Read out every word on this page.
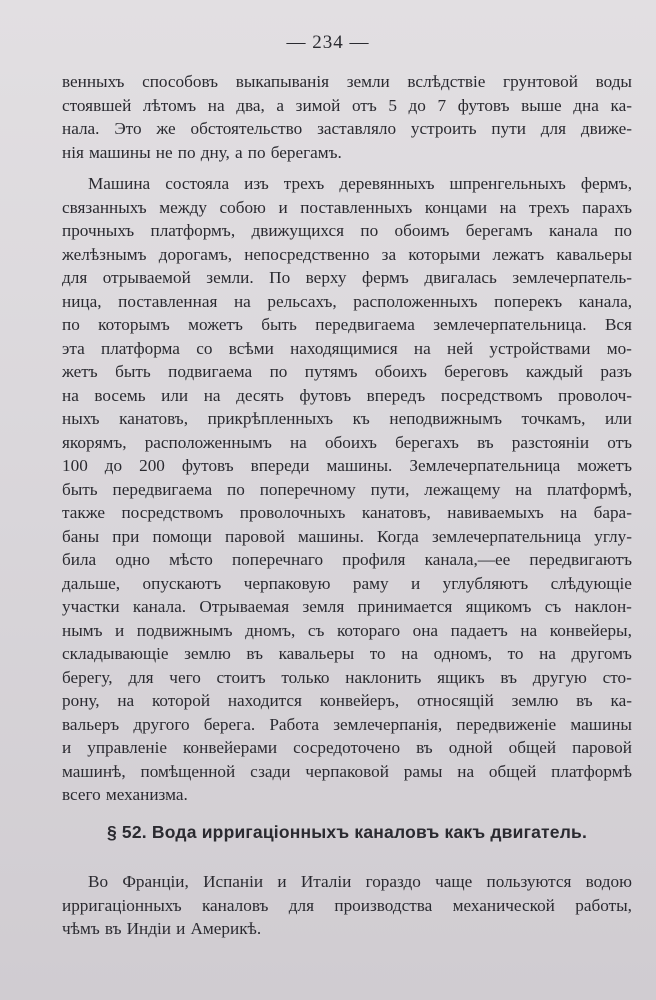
— 234 —
венныхъ способовъ выкапыванія земли вслѣдствіе грунтовой воды
стоявшей лѣтомъ на два, а зимой отъ 5 до 7 футовъ выше дна ка-
нала. Это же обстоятельство заставляло устроить пути для движе-
нія машины не по дну, а по берегамъ.
Машина состояла изъ трехъ деревянныхъ шпренгельныхъ фермъ,
связанныхъ между собою и поставленныхъ концами на трехъ парахъ
прочныхъ платформъ, движущихся по обоимъ берегамъ канала по
желѣзнымъ дорогамъ, непосредственно за которыми лежатъ кавальеры
для отрываемой земли. По верху фермъ двигалась землечерпатель-
ница, поставленная на рельсахъ, расположенныхъ поперекъ канала,
по которымъ можетъ быть передвигаема землечерпательница. Вся
эта платформа со всѣми находящимися на ней устройствами мо-
жетъ быть подвигаема по путямъ обоихъ береговъ каждый разъ
на восемь или на десять футовъ впередъ посредствомъ проволоч-
ныхъ канатовъ, прикрѣпленныхъ къ неподвижнымъ точкамъ, или
якорямъ, расположеннымъ на обоихъ берегахъ въ разстояніи отъ
100 до 200 футовъ впереди машины. Землечерпательница можетъ
быть передвигаема по поперечному пути, лежащему на платформѣ,
также посредствомъ проволочныхъ канатовъ, навиваемыхъ на бара-
баны при помощи паровой машины. Когда землечерпательница углу-
била одно мѣсто поперечнаго профиля канала,—ее передвигаютъ
дальше, опускаютъ черпаковую раму и углубляютъ слѣдующіе
участки канала. Отрываемая земля принимается ящикомъ съ наклон-
нымъ и подвижнымъ дномъ, съ котораго она падаетъ на конвейеры,
складывающіе землю въ кавальеры то на одномъ, то на другомъ
берегу, для чего стоитъ только наклонить ящикъ въ другую сто-
рону, на которой находится конвейеръ, относящій землю въ ка-
вальеръ другого берега. Работа землечерпанія, передвиженіе машины
и управленіе конвейерами сосредоточено въ одной общей паровой
машинѣ, помѣщенной сзади черпаковой рамы на общей платформѣ
всего механизма.
§ 52. Вода ирригаціонныхъ каналовъ какъ двигатель.
Во Франціи, Испаніи и Италіи гораздо чаще пользуются водою
ирригаціонныхъ каналовъ для производства механической работы,
чѣмъ въ Индіи и Америкѣ.
